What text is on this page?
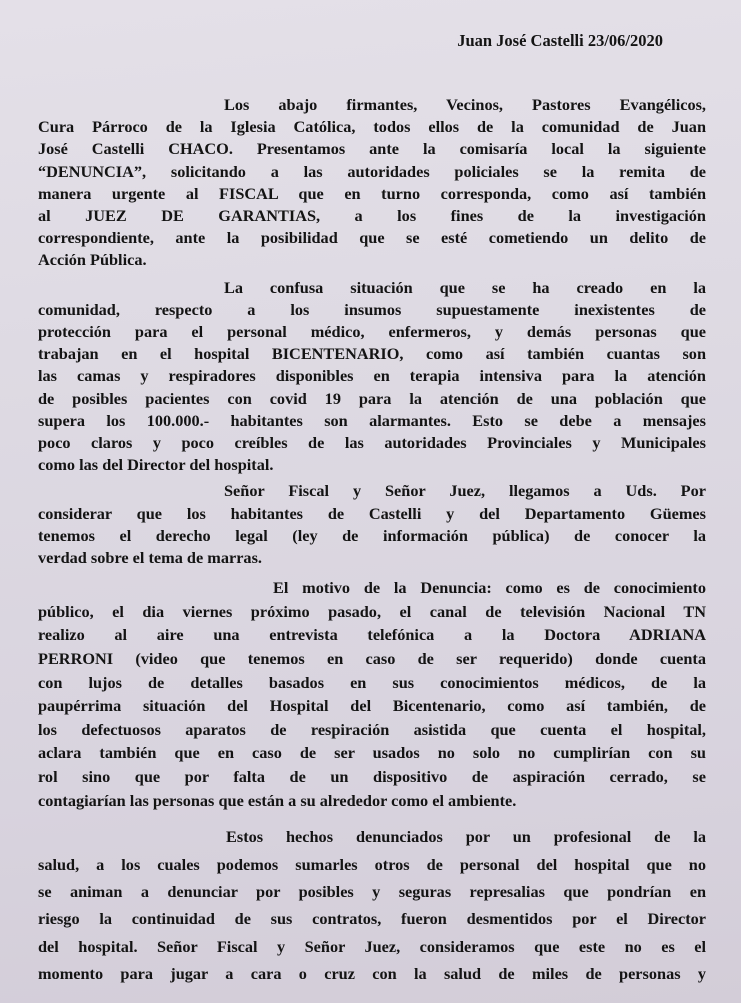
Juan José Castelli 23/06/2020
Los abajo firmantes, Vecinos, Pastores Evangélicos,
Cura Párroco de la Iglesia Católica, todos ellos de la comunidad de Juan
José Castelli CHACO. Presentamos ante la comisaría local la siguiente
“DENUNCIA”, solicitando a las autoridades policiales se la remita de
manera urgente al FISCAL que en turno corresponda, como así también
al JUEZ DE GARANTIAS, a los fines de la investigación
correspondiente, ante la posibilidad que se esté cometiendo un delito de
Acción Pública.
La confusa situación que se ha creado en la
comunidad, respecto a los insumos supuestamente inexistentes de
protección para el personal médico, enfermeros, y demás personas que
trabajan en el hospital BICENTENARIO, como así también cuantas son
las camas y respiradores disponibles en terapia intensiva para la atención
de posibles pacientes con covid 19 para la atención de una población que
supera los 100.000.- habitantes son alarmantes. Esto se debe a mensajes
poco claros y poco creíbles de las autoridades Provinciales y Municipales
como las del Director del hospital.
Señor Fiscal y Señor Juez, llegamos a Uds. Por
considerar que los habitantes de Castelli y del Departamento Güemes
tenemos el derecho legal (ley de información pública) de conocer la
verdad sobre el tema de marras.
El motivo de la Denuncia: como es de conocimiento
público, el dia viernes próximo pasado, el canal de televisión Nacional TN
realizo al aire una entrevista telefónica a la Doctora ADRIANA
PERRONI (video que tenemos en caso de ser requerido) donde cuenta
con lujos de detalles basados en sus conocimientos médicos, de la
paupérrima situación del Hospital del Bicentenario, como así también, de
los defectuosos aparatos de respiración asistida que cuenta el hospital,
aclara también que en caso de ser usados no solo no cumplirían con su
rol sino que por falta de un dispositivo de aspiración cerrado, se
contagiarían las personas que están a su alrededor como el ambiente.
Estos hechos denunciados por un profesional de la
salud, a los cuales podemos sumarles otros de personal del hospital que no
se animan a denunciar por posibles y seguras represalias que pondrían en
riesgo la continuidad de sus contratos, fueron desmentidos por el Director
del hospital. Señor Fiscal y Señor Juez, consideramos que este no es el
momento para jugar a cara o cruz con la salud de miles de personas y
